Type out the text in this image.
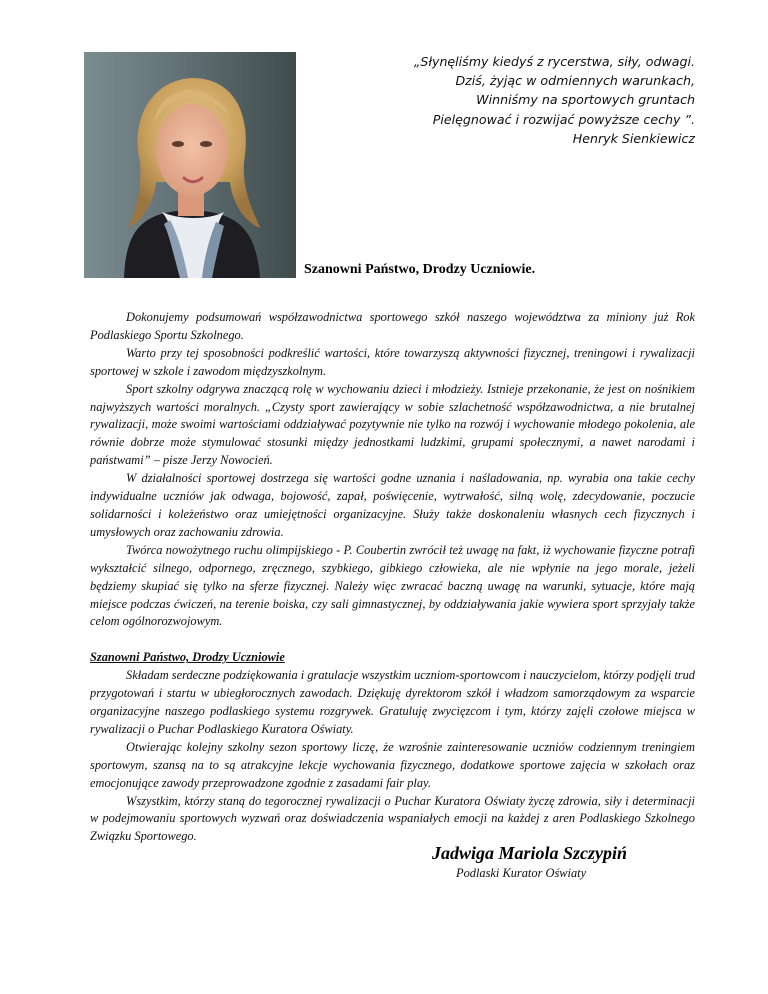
„Słynęliśmy kiedyś z rycerstwa, siły, odwagi.
Dziś, żyjąc w odmiennych warunkach,
Winniśmy na sportowych gruntach
Pielęgnować i rozwijać powyższe cechy ”.
Henryk Sienkiewicz
Szanowni Państwo, Drodzy Uczniowie.

Dokonujemy podsumowań współzawodnictwa sportowego szkół naszego województwa za miniony już Rok Podlaskiego Sportu Szkolnego.

Warto przy tej sposobności podkreślić wartości, które towarzyszą aktywności fizycznej, treningowi i rywalizacji sportowej w szkole i zawodom międzyszkolnym.

Sport szkolny odgrywa znaczącą rolę w wychowaniu dzieci i młodzieży. Istnieje przekonanie, że jest on nośnikiem najwyższych wartości moralnych. „Czysty sport zawierający w sobie szlachetność współzawodnictwa, a nie brutalnej rywalizacji, może swoimi wartościami oddziaływać pozytywnie nie tylko na rozwój i wychowanie młodego pokolenia, ale równie dobrze może stymulować stosunki między jednostkami ludzkimi, grupami społecznymi, a nawet narodami i państwami” – pisze Jerzy Nowocień.

W działalności sportowej dostrzega się wartości godne uznania i naśladowania, np. wyrabia ona takie cechy indywidualne uczniów jak odwaga, bojowość, zapał, poświęcenie, wytrwałość, silną wolę, zdecydowanie, poczucie solidarności i koleżeństwo oraz umiejętności organizacyjne. Służy także doskonaleniu własnych cech fizycznych i umysłowych oraz zachowaniu zdrowia.

Twórca nowożytnego ruchu olimpijskiego - P. Coubertin zwrócił też uwagę na fakt, iż wychowanie fizyczne potrafi wykształcić silnego, odpornego, zręcznego, szybkiego, gibkiego człowieka, ale nie wpłynie na jego morale, jeżeli będziemy skupiać się tylko na sferze fizycznej. Należy więc zwracać baczną uwagę na warunki, sytuacje, które mają miejsce podczas ćwiczeń, na terenie boiska, czy sali gimnastycznej, by oddziaływania jakie wywiera sport sprzyjały także celom ogólnorozwojowym.

Szanowni Państwo, Drodzy Uczniowie

Składam serdeczne podziękowania i gratulacje wszystkim uczniom-sportowcom i nauczycielom, którzy podjęli trud przygotowań i startu w ubiegłorocznych zawodach. Dziękuję dyrektorom szkół i władzom samorządowym za wsparcie organizacyjne naszego podlaskiego systemu rozgrywek. Gratuluję zwycięzcom i tym, którzy zajęli czołowe miejsca w rywalizacji o Puchar Podlaskiego Kuratora Oświaty.

Otwierając kolejny szkolny sezon sportowy liczę, że wzrośnie zainteresowanie uczniów codziennym treningiem sportowym, szansą na to są atrakcyjne lekcje wychowania fizycznego, dodatkowe sportowe zajęcia w szkołach oraz emocjonujące zawody przeprowadzone zgodnie z zasadami fair play.

Wszystkim, którzy staną do tegorocznej rywalizacji o Puchar Kuratora Oświaty życzę zdrowia, siły i determinacji w podejmowaniu sportowych wyzwań oraz doświadczenia wspaniałych emocji na każdej z aren Podlaskiego Szkolnego Związku Sportowego.

Jadwiga Mariola Szczypiń
Podlaski Kurator Oświaty
